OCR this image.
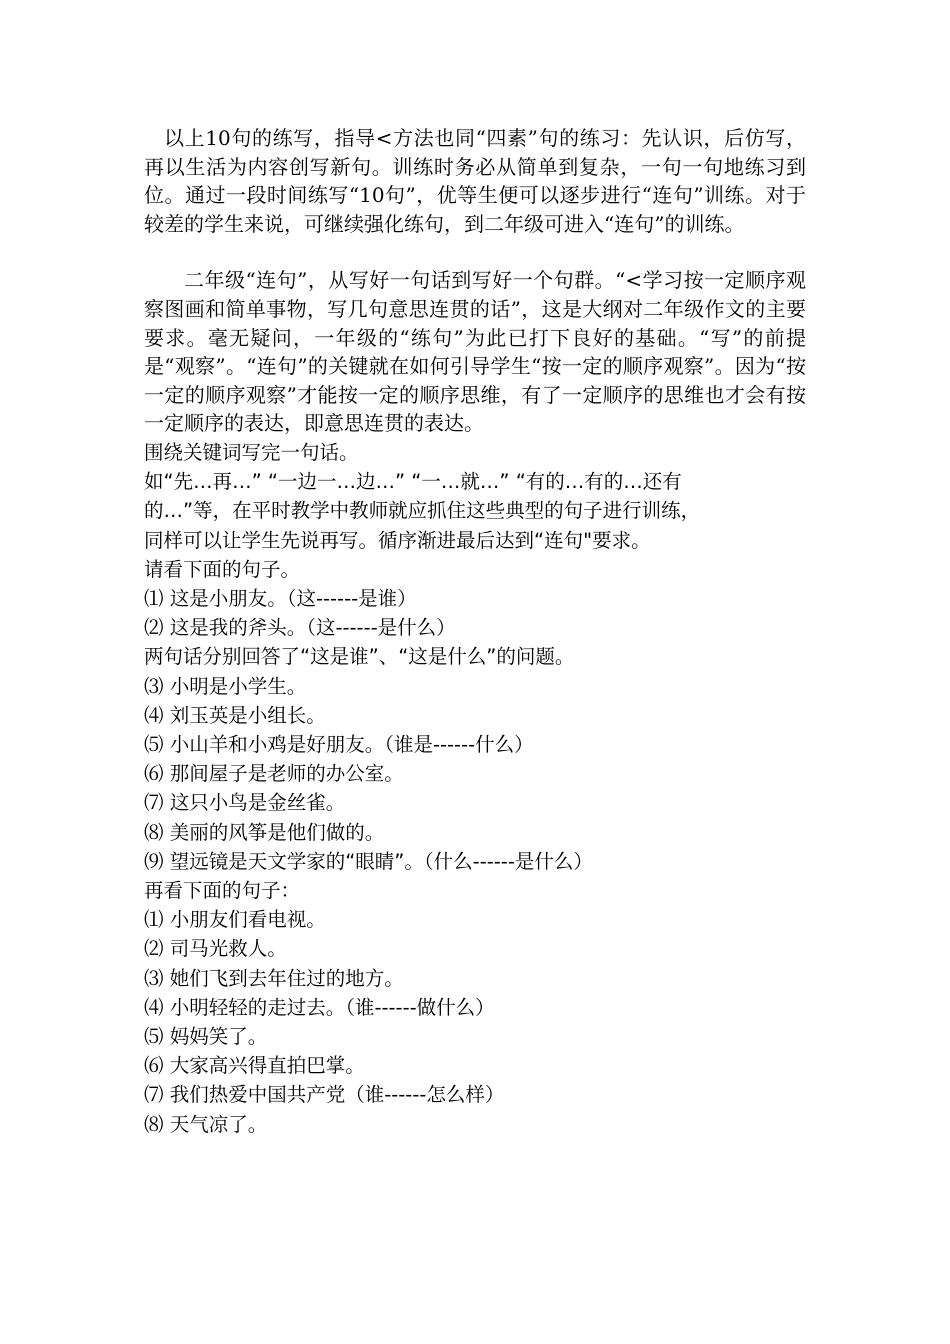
以上10句的练写，指导<方法也同“四素”句的练习：先认识，后仿写，再以生活为内容创写新句。训练时务必从简单到复杂，一句一句地练习到位。通过一段时间练写“10句”，优等生便可以逐步进行“连句”训练。对于较差的学生来说，可继续强化练句，到二年级可进入“连句”的训练。

二年级“连句”，从写好一句话到写好一个句群。“<学习按一定顺序观察图画和简单事物，写几句意思连贯的话”，这是大纲对二年级作文的主要要求。毫无疑问，一年级的“练句”为此已打下良好的基础。“写”的前提是“观察”。“连句”的关键就在如何引导学生“按一定的顺序观察”。因为“按一定的顺序观察”才能按一定的顺序思维，有了一定顺序的思维也才会有按一定顺序的表达，即意思连贯的表达。

围绕关键词写完一句话。

如“先…再…” “一边一…边…” “一…就…” “有的…有的…还有

的…”等，在平时教学中教师就应抓住这些典型的句子进行训练，

同样可以让学生先说再写。循序渐进最后达到“连句"要求。

请看下面的句子。

⑴ 这是小朋友。（这------是谁）

⑵ 这是我的斧头。（这------是什么）

两句话分别回答了“这是谁”、“这是什么”的问题。

⑶ 小明是小学生。

⑷ 刘玉英是小组长。

⑸ 小山羊和小鸡是好朋友。（谁是------什么）

⑹ 那间屋子是老师的办公室。

⑺ 这只小鸟是金丝雀。

⑻ 美丽的风筝是他们做的。

⑼ 望远镜是天文学家的“眼睛”。（什么------是什么）

再看下面的句子：

⑴ 小朋友们看电视。

⑵ 司马光救人。

⑶ 她们飞到去年住过的地方。

⑷ 小明轻轻的走过去。（谁------做什么）

⑸ 妈妈笑了。

⑹ 大家高兴得直拍巴掌。

⑺ 我们热爱中国共产党（谁------怎么样）

⑻ 天气凉了。
